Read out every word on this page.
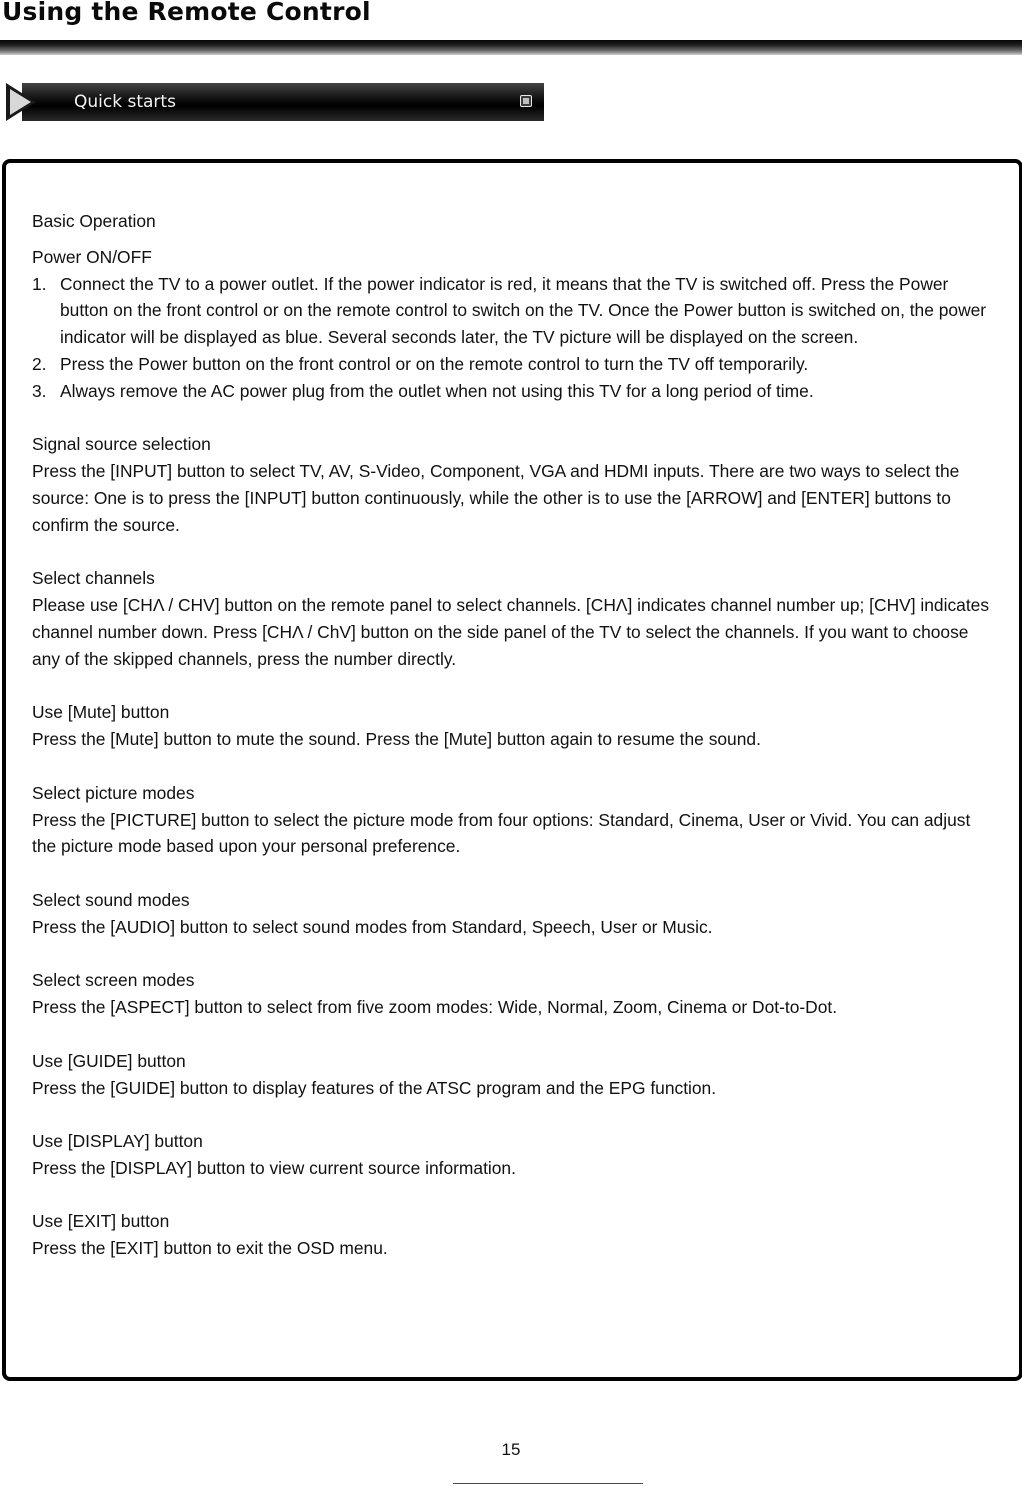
Using the Remote Control
Quick starts
Basic Operation
Power ON/OFF
1. Connect the TV to a power outlet. If the power indicator is red, it means that the TV is switched off. Press the Power button on the front control or on the remote control to switch on the TV. Once the Power button is switched on, the power indicator will be displayed as blue. Several seconds later, the TV picture will be displayed on the screen.
2. Press the Power button on the front control or on the remote control to turn the TV off temporarily.
3. Always remove the AC power plug from the outlet when not using this TV for a long period of time.
Signal source selection

Press the [INPUT] button to select TV, AV, S-Video, Component, VGA and HDMI inputs. There are two ways to select the source: One is to press the [INPUT] button continuously, while the other is to use the [ARROW] and [ENTER] buttons to confirm the source.

Select channels

Please use [CHΛ / CHV] button on the remote panel to select channels. [CHΛ] indicates channel number up; [CHV] indicates channel number down. Press [CHΛ / ChV] button on the side panel of the TV to select the channels. If you want to choose any of the skipped channels, press the number directly.

Use [Mute] button

Press the [Mute] button to mute the sound. Press the [Mute] button again to resume the sound.

Select picture modes

Press the [PICTURE] button to select the picture mode from four options: Standard, Cinema, User or Vivid. You can adjust the picture mode based upon your personal preference.

Select sound modes

Press the [AUDIO] button to select sound modes from Standard, Speech, User or Music.

Select screen modes

Press the [ASPECT] button to select from five zoom modes: Wide, Normal, Zoom, Cinema or Dot-to-Dot.

Use [GUIDE] button

Press the [GUIDE] button to display features of the ATSC program and the EPG function.

Use [DISPLAY] button

Press the [DISPLAY] button to view current source information.

Use [EXIT] button

Press the [EXIT] button to exit the OSD menu.

15
